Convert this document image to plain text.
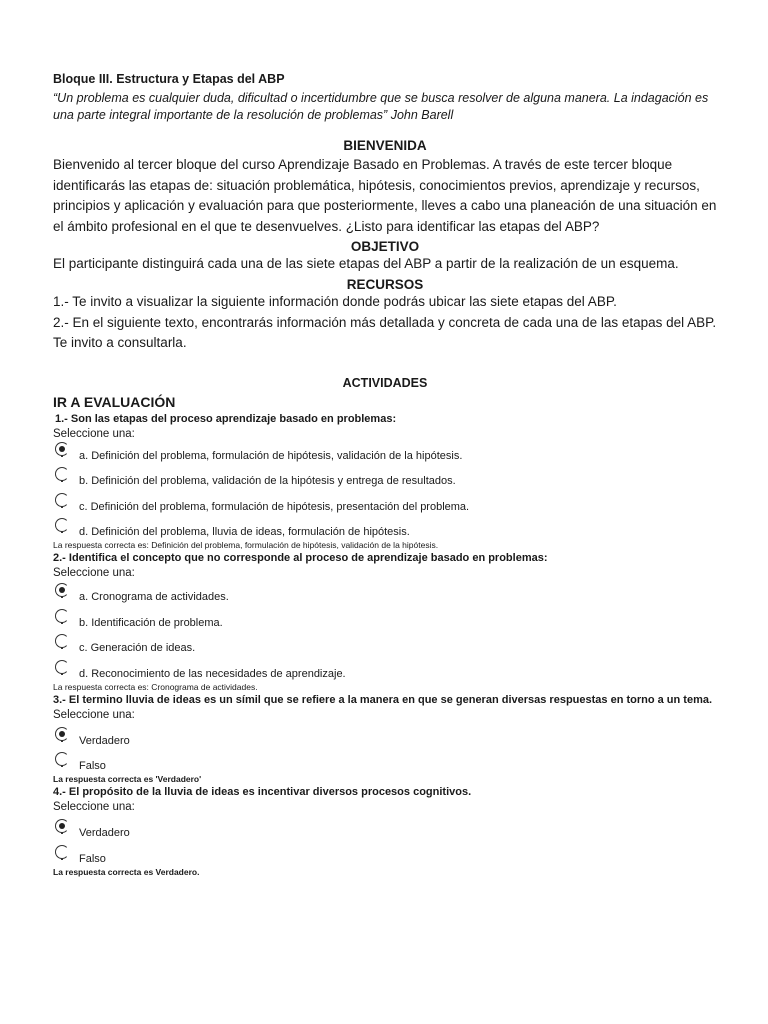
Bloque III. Estructura y Etapas del ABP

“Un problema es cualquier duda, dificultad o incertidumbre que se busca resolver de alguna manera. La indagación es una parte integral importante de la resolución de problemas” John Barell

BIENVENIDA

Bienvenido al tercer bloque del curso Aprendizaje Basado en Problemas. A través de este tercer bloque identificarás las etapas de: situación problemática, hipótesis, conocimientos previos, aprendizaje y recursos, principios y aplicación y evaluación para que posteriormente, lleves a cabo una planeación de una situación en el ámbito profesional en el que te desenvuelves. ¿Listo para identificar las etapas del ABP?

OBJETIVO

El participante distinguirá cada una de las siete etapas del ABP a partir de la realización de un esquema.

RECURSOS

1.- Te invito a visualizar la siguiente información donde podrás ubicar las siete etapas del ABP.

2.- En el siguiente texto, encontrarás información más detallada y concreta de cada una de las etapas del ABP. Te invito a consultarla.

ACTIVIDADES

IR A EVALUACIÓN

1.- Son las etapas del proceso aprendizaje basado en problemas:

Seleccione una:

a. Definición del problema, formulación de hipótesis, validación de la hipótesis.
b. Definición del problema, validación de la hipótesis y entrega de resultados.
c. Definición del problema, formulación de hipótesis, presentación del problema.
d. Definición del problema, lluvia de ideas, formulación de hipótesis.

La respuesta correcta es: Definición del problema, formulación de hipótesis, validación de la hipótesis.

2.- Identifica el concepto que no corresponde al proceso de aprendizaje basado en problemas:

Seleccione una:

a. Cronograma de actividades.
b. Identificación de problema.
c. Generación de ideas.
d. Reconocimiento de las necesidades de aprendizaje.

La respuesta correcta es: Cronograma de actividades.

3.- El termino lluvia de ideas es un símil que se refiere a la manera en que se generan diversas respuestas en torno a un tema.

Seleccione una:

Verdadero
Falso

La respuesta correcta es 'Verdadero'

4.- El propósito de la lluvia de ideas es incentivar diversos procesos cognitivos.

Seleccione una:

Verdadero
Falso

La respuesta correcta es Verdadero.
